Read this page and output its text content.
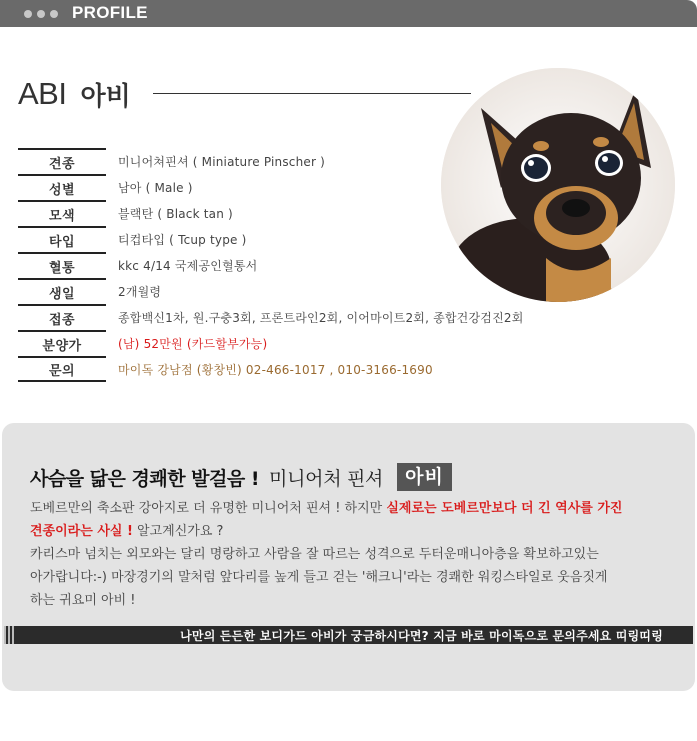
PROFILE
ABI 아비
견종	미니어쳐핀셔 ( Miniature Pinscher )
성별	남아 ( Male )
모색	블랙탄 ( Black tan )
타입	티컵타입 ( Tcup type )
혈통	kkc 4/14 국제공인혈통서
생일	2개월령
접종	종합백신1차, 원.구충3회, 프론트라인2회, 이어마이트2회, 종합건강검진2회
분양가	(남) 52만원 (카드할부가능)
문의	마이독 강남점 (황창빈) 02-466-1017 , 010-3166-1690
사슴을 닮은 경쾌한 발걸음 ! 미니어처 핀셔	아비
도베르만의 축소판 강아지로 더 유명한 미니어처 핀셔 ! 하지만 실제로는 도베르만보다 더 긴 역사를 가진
견종이라는 사실 ! 알고계신가요 ?
카리스마 넘치는 외모와는 달리 명랑하고 사람을 잘 따르는 성격으로 두터운매니아층을 확보하고있는
아가랍니다:-) 마장경기의 말처럼 앞다리를 높게 들고 걷는 '해크니'라는 경쾌한 워킹스타일로 웃음짓게
하는 귀요미 아비 !
나만의 든든한 보디가드 아비가 궁금하시다면? 지금 바로 마이독으로 문의주세요 띠링띠링
